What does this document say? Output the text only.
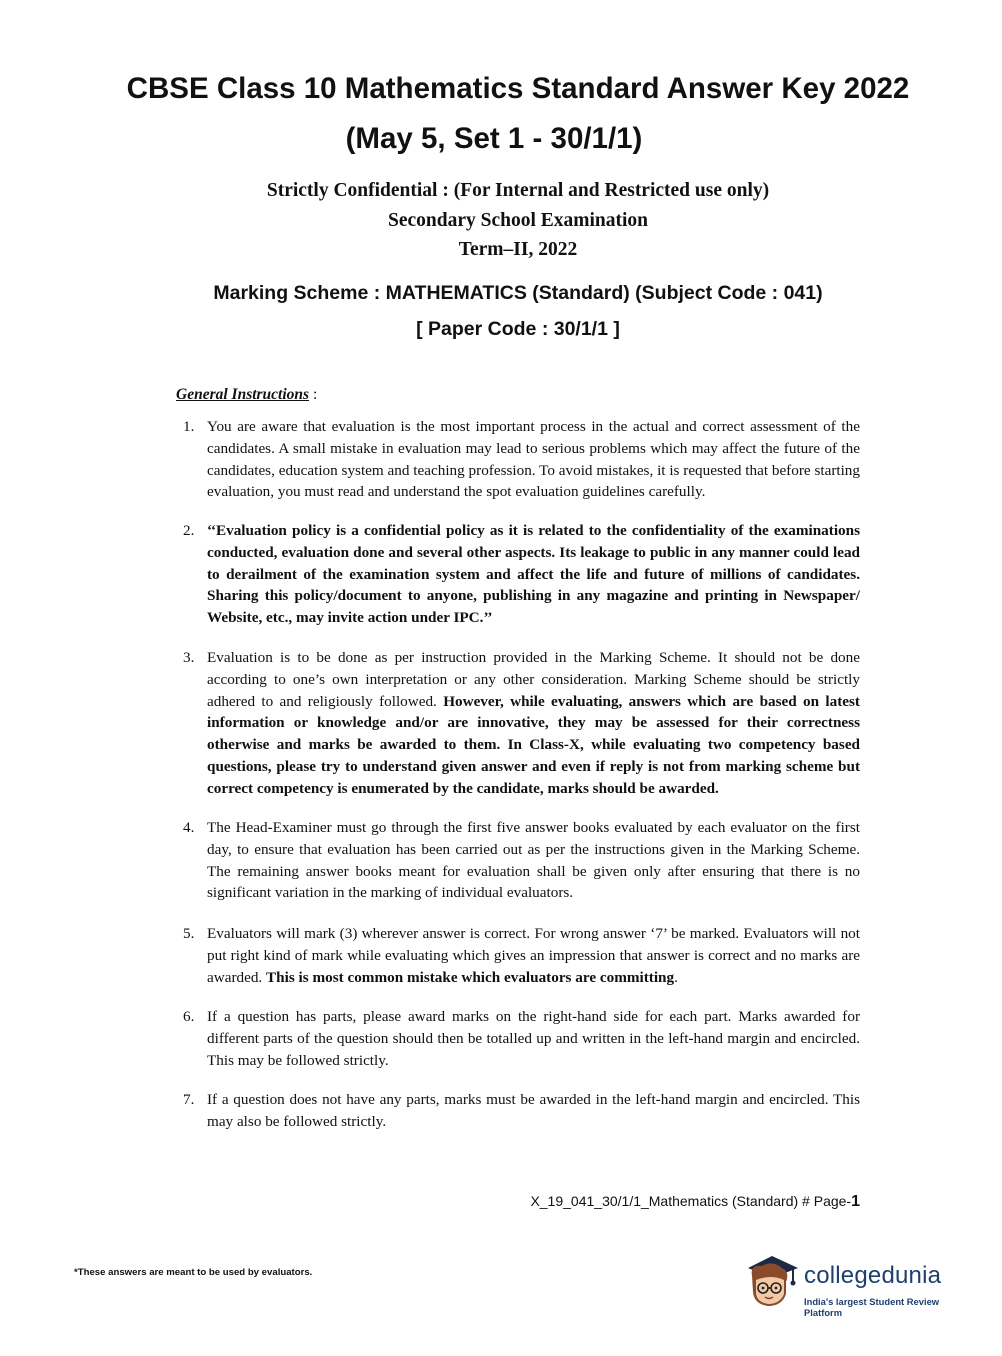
CBSE Class 10 Mathematics Standard Answer Key 2022
(May 5, Set 1 - 30/1/1)
Strictly Confidential : (For Internal and Restricted use only)
Secondary School Examination
Term–II, 2022
Marking Scheme : MATHEMATICS (Standard) (Subject Code : 041)
[ Paper Code : 30/1/1 ]
General Instructions :
1. You are aware that evaluation is the most important process in the actual and correct assessment of the candidates. A small mistake in evaluation may lead to serious problems which may affect the future of the candidates, education system and teaching profession. To avoid mistakes, it is requested that before starting evaluation, you must read and understand the spot evaluation guidelines carefully.
2. ‘‘Evaluation policy is a confidential policy as it is related to the confidentiality of the examinations conducted, evaluation done and several other aspects. Its leakage to public in any manner could lead to derailment of the examination system and affect the life and future of millions of candidates. Sharing this policy/document to anyone, publishing in any magazine and printing in Newspaper/ Website, etc., may invite action under IPC.’’
3. Evaluation is to be done as per instruction provided in the Marking Scheme. It should not be done according to one’s own interpretation or any other consideration. Marking Scheme should be strictly adhered to and religiously followed. However, while evaluating, answers which are based on latest information or knowledge and/or are innovative, they may be assessed for their correctness otherwise and marks be awarded to them. In Class-X, while evaluating two competency based questions, please try to understand given answer and even if reply is not from marking scheme but correct competency is enumerated by the candidate, marks should be awarded.
4. The Head-Examiner must go through the first five answer books evaluated by each evaluator on the first day, to ensure that evaluation has been carried out as per the instructions given in the Marking Scheme. The remaining answer books meant for evaluation shall be given only after ensuring that there is no significant variation in the marking of individual evaluators.
5. Evaluators will mark (3) wherever answer is correct. For wrong answer ‘7’ be marked. Evaluators will not put right kind of mark while evaluating which gives an impression that answer is correct and no marks are awarded. This is most common mistake which evaluators are committing.
6. If a question has parts, please award marks on the right-hand side for each part. Marks awarded for different parts of the question should then be totalled up and written in the left-hand margin and encircled. This may be followed strictly.
7. If a question does not have any parts, marks must be awarded in the left-hand margin and encircled. This may also be followed strictly.
X_19_041_30/1/1_Mathematics (Standard) # Page-1
*These answers are meant to be used by evaluators.	collegedunia
India's largest Student Review Platform
